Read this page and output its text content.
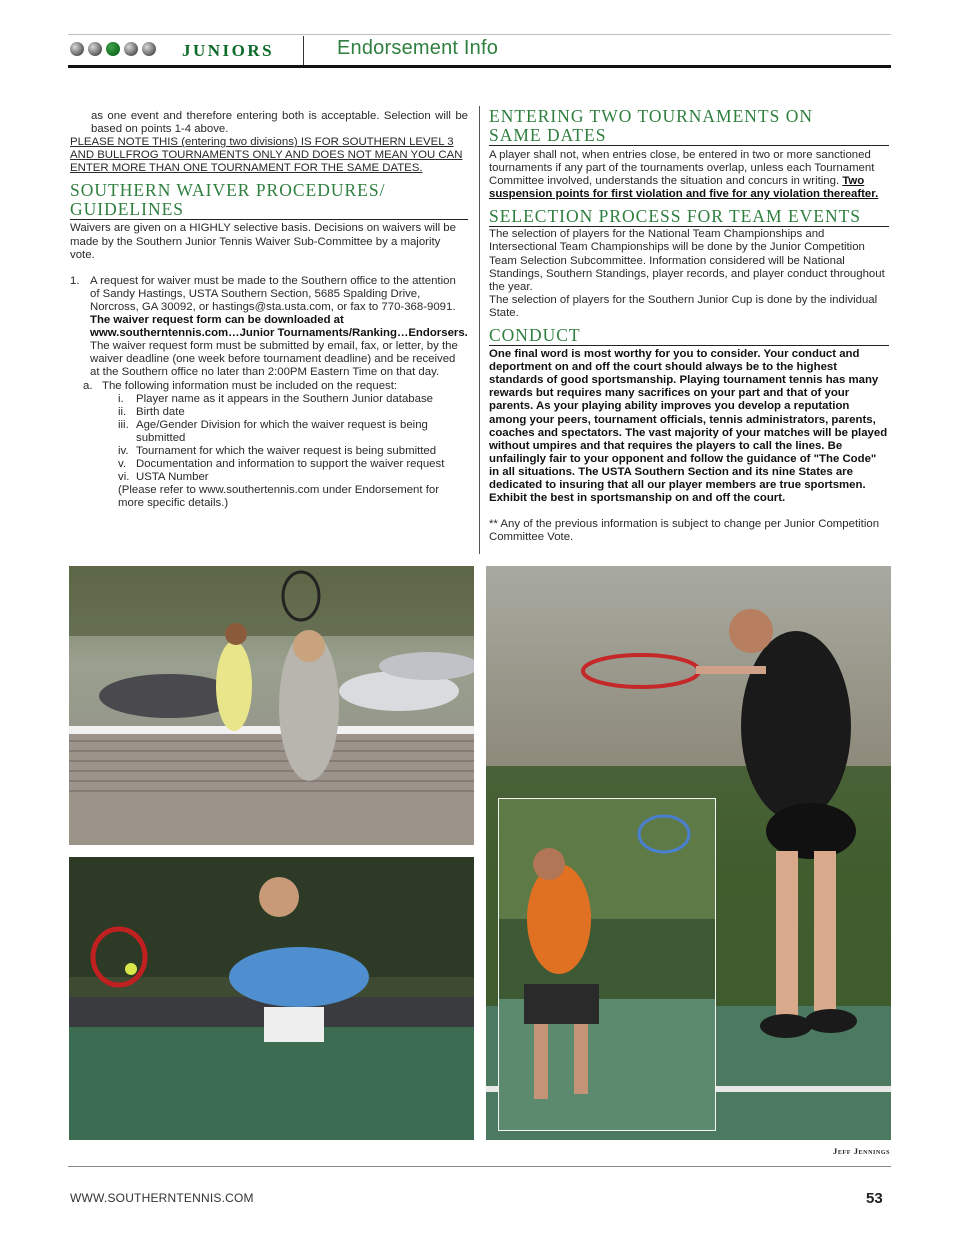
JUNIORS	Endorsement Info

as one event and therefore entering both is acceptable. Selection will be based on points 1-4 above.

PLEASE NOTE THIS (entering two divisions) IS FOR SOUTHERN LEVEL 3 AND BULLFROG TOURNAMENTS ONLY AND DOES NOT MEAN YOU CAN ENTER MORE THAN ONE TOURNAMENT FOR THE SAME DATES.

SOUTHERN WAIVER PROCEDURES/
GUIDELINES

Waivers are given on a HIGHLY selective basis. Decisions on waivers will be made by the Southern Junior Tennis Waiver Sub-Committee by a majority vote.

1. A request for waiver must be made to the Southern office to the attention of Sandy Hastings, USTA Southern Section, 5685 Spalding Drive, Norcross, GA 30092, or hastings@sta.usta.com, or fax to 770-368-9091. The waiver request form can be downloaded at www.southerntennis.com…Junior Tournaments/Ranking…Endorsers. The waiver request form must be submitted by email, fax, or letter, by the waiver deadline (one week before tournament deadline) and be received at the Southern office no later than 2:00PM Eastern Time on that day.
a. The following information must be included on the request:
i. Player name as it appears in the Southern Junior database
ii. Birth date
iii. Age/Gender Division for which the waiver request is being submitted
iv. Tournament for which the waiver request is being submitted
v. Documentation and information to support the waiver request
vi. USTA Number

(Please refer to www.southertennis.com under Endorsement for more specific details.)

ENTERING TWO TOURNAMENTS ON
SAME DATES

A player shall not, when entries close, be entered in two or more sanctioned tournaments if any part of the tournaments overlap, unless each Tournament Committee involved, understands the situation and concurs in writing. Two suspension points for first violation and five for any violation thereafter.

SELECTION PROCESS FOR TEAM EVENTS

The selection of players for the National Team Championships and Intersectional Team Championships will be done by the Junior Competition Team Selection Subcommittee. Information considered will be National Standings, Southern Standings, player records, and player conduct throughout the year.

The selection of players for the Southern Junior Cup is done by the individual State.

CONDUCT

One final word is most worthy for you to consider. Your conduct and deportment on and off the court should always be to the highest standards of good sportsmanship. Playing tournament tennis has many rewards but requires many sacrifices on your part and that of your parents. As your playing ability improves you develop a reputation among your peers, tournament officials, tennis administrators, parents, coaches and spectators. The vast majority of your matches will be played without umpires and that requires the players to call the lines. Be unfailingly fair to your opponent and follow the guidance of "The Code" in all situations. The USTA Southern Section and its nine States are dedicated to insuring that all our player members are true sportsmen. Exhibit the best in sportsmanship on and off the court.

** Any of the previous information is subject to change per Junior Competition Committee Vote.

Jeff Jennings
WWW.SOUTHERNTENNIS.COM	53
